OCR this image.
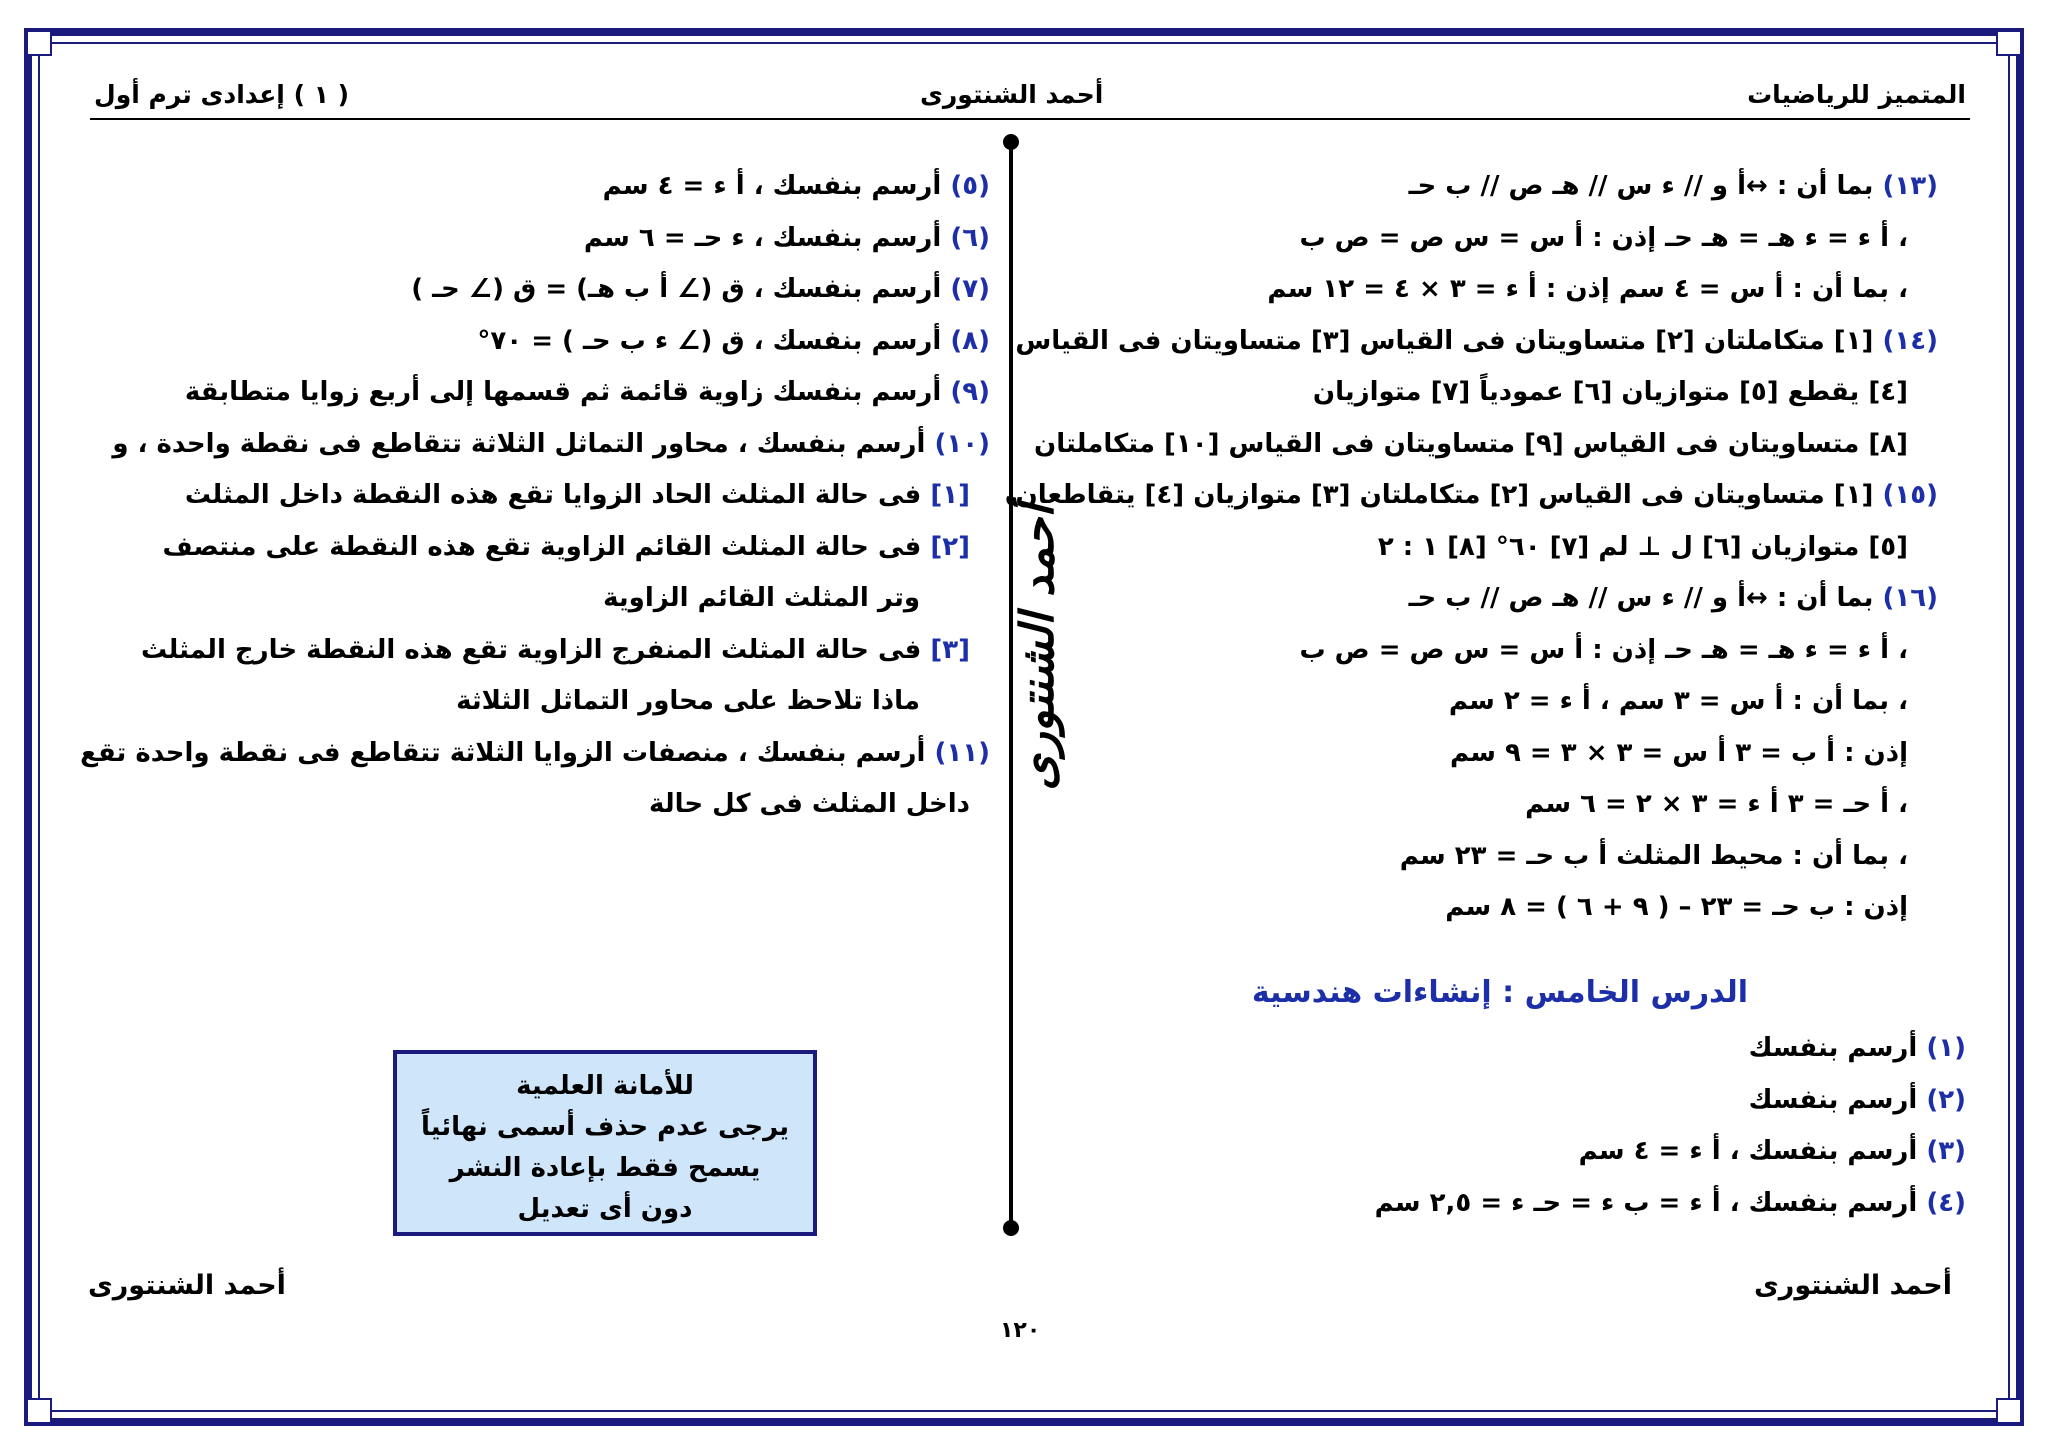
المتميز للرياضيات
أحمد الشنتورى
( ١ ) إعدادى ترم أول
(١٣) بما أن : ↔أ و // ء س // هـ ص // ب حـ
، أ ء = ء هـ = هـ حـ إذن : أ س = س ص = ص ب
، بما أن : أ س = ٤ سم إذن : أ ء = ٣ × ٤ = ١٢ سم
(١٤) [١] متكاملتان [٢] متساويتان فى القياس [٣] متساويتان فى القياس
[٤] يقطع [٥] متوازيان [٦] عمودياً [٧] متوازيان
[٨] متساويتان فى القياس [٩] متساويتان فى القياس [١٠] متكاملتان
(١٥) [١] متساويتان فى القياس [٢] متكاملتان [٣] متوازيان [٤] يتقاطعان
[٥] متوازيان [٦] ل ⊥ لم [٧] ٦٠° [٨] ١ : ٢
(١٦) بما أن : ↔أ و // ء س // هـ ص // ب حـ
، أ ء = ء هـ = هـ حـ إذن : أ س = س ص = ص ب
، بما أن : أ س = ٣ سم ، أ ء = ٢ سم
إذن : أ ب = ٣ أ س = ٣ × ٣ = ٩ سم
، أ حـ = ٣ أ ء = ٣ × ٢ = ٦ سم
، بما أن : محيط المثلث أ ب حـ = ٢٣ سم
إذن : ب حـ = ٢٣ – ( ٩ + ٦ ) = ٨ سم
الدرس الخامس : إنشاءات هندسية
(١) أرسم بنفسك
(٢) أرسم بنفسك
(٣) أرسم بنفسك ، أ ء = ٤ سم
(٤) أرسم بنفسك ، أ ء = ب ء = حـ ء = ٢,٥ سم
أحمد الشنتورى
(٥) أرسم بنفسك ، أ ء = ٤ سم
(٦) أرسم بنفسك ، ء حـ = ٦ سم
(٧) أرسم بنفسك ، ق (∠ أ ب هـ) = ق (∠ حـ )
(٨) أرسم بنفسك ، ق (∠ ء ب حـ ) = ٧٠°
(٩) أرسم بنفسك زاوية قائمة ثم قسمها إلى أربع زوايا متطابقة
(١٠) أرسم بنفسك ، محاور التماثل الثلاثة تتقاطع فى نقطة واحدة ، و
[١] فى حالة المثلث الحاد الزوايا تقع هذه النقطة داخل المثلث
[٢] فى حالة المثلث القائم الزاوية تقع هذه النقطة على منتصف
وتر المثلث القائم الزاوية
[٣] فى حالة المثلث المنفرج الزاوية تقع هذه النقطة خارج المثلث
ماذا تلاحظ على محاور التماثل الثلاثة
(١١) أرسم بنفسك ، منصفات الزوايا الثلاثة تتقاطع فى نقطة واحدة تقع
داخل المثلث فى كل حالة
للأمانة العلمية
يرجى عدم حذف أسمى نهائياً
يسمح فقط بإعادة النشر
دون أى تعديل
أحمد الشنتورى
أحمد الشنتورى
١٢٠
